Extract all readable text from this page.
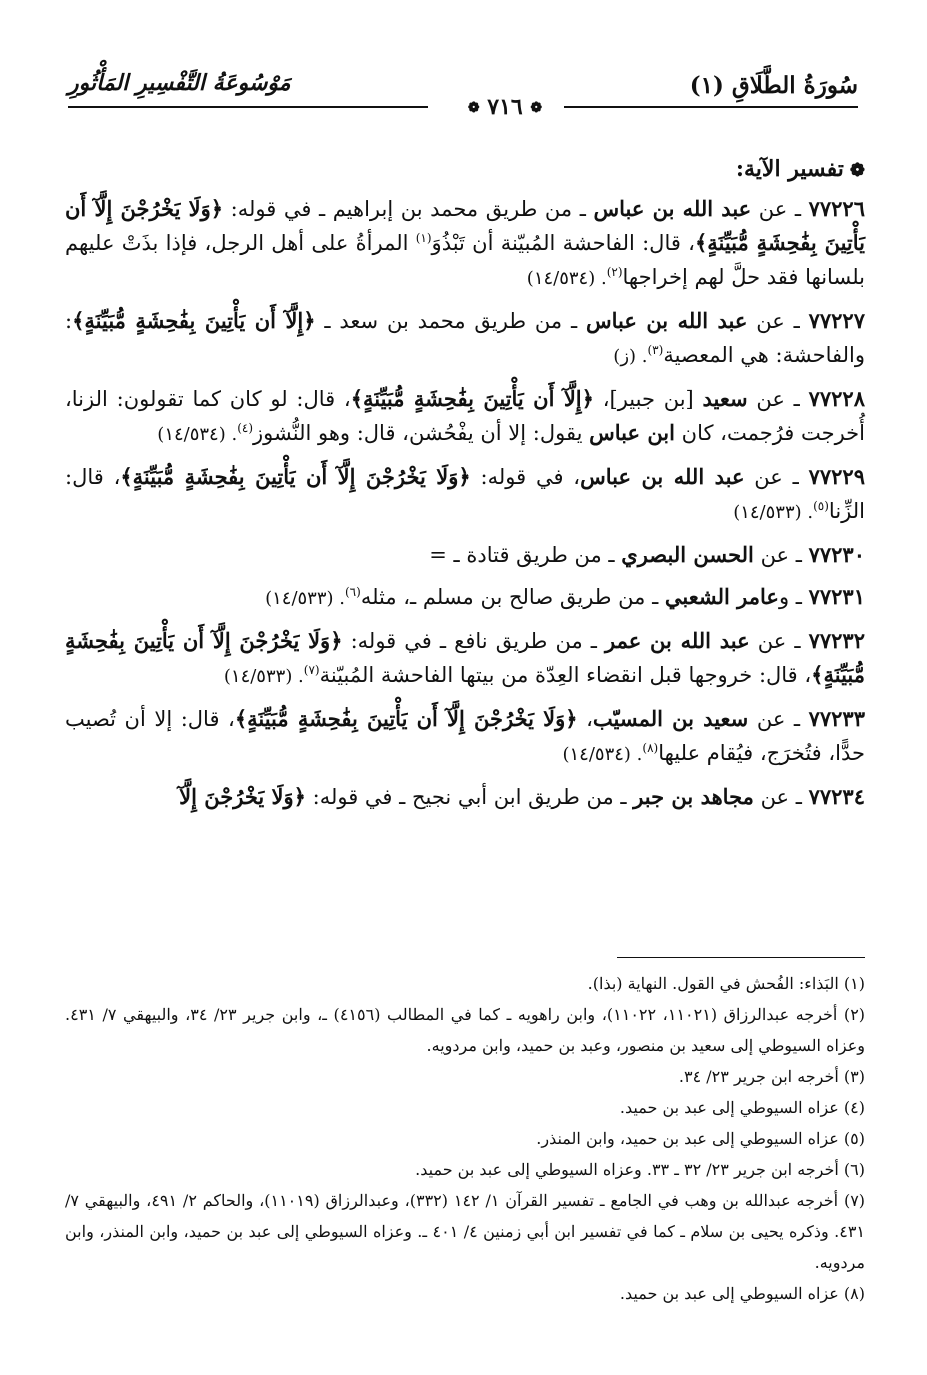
سُورَةُ الطَّلَاقِ (١)
مَوْسُوعَةُ التَّفْسِيرِ المَأْثُورِ
❁ ٧١٦ ❁
❁تفسير الآية:

٧٧٢٢٦ ـ عن عبد الله بن عباس ـ من طريق محمد بن إبراهيم ـ في قوله: ﴿وَلَا يَخْرُجْنَ إِلَّآ أَن يَأْتِينَ بِفَٰحِشَةٍ مُّبَيِّنَةٍ﴾، قال: الفاحشة المُبيّنة أن تَبْذُوَ$^{(١)}$ المرأةُ على أهل الرجل، فإذا بذَتْ عليهم بلسانها فقد حلَّ لهم إخراجها$^{(٢)}$. (١٤/٥٣٤)

٧٧٢٢٧ ـ عن عبد الله بن عباس ـ من طريق محمد بن سعد ـ ﴿إِلَّآ أَن يَأْتِينَ بِفَٰحِشَةٍ مُّبَيِّنَةٍ﴾: والفاحشة: هي المعصية$^{(٣)}$. (ز)

٧٧٢٢٨ ـ عن سعيد [بن جبير]، ﴿إِلَّآ أَن يَأْتِينَ بِفَٰحِشَةٍ مُّبَيِّنَةٍ﴾، قال: لو كان كما تقولون: الزنا، أُخرجت فرُجمت، كان ابن عباس يقول: إلا أن يفْحُشن، قال: وهو النُّشوز$^{(٤)}$. (١٤/٥٣٤)

٧٧٢٢٩ ـ عن عبد الله بن عباس، في قوله: ﴿وَلَا يَخْرُجْنَ إِلَّآ أَن يَأْتِينَ بِفَٰحِشَةٍ مُّبَيِّنَةٍ﴾، قال: الزِّنا$^{(٥)}$. (١٤/٥٣٣)

٧٧٢٣٠ ـ عن الحسن البصري ـ من طريق قتادة ـ =

٧٧٢٣١ ـ وعامر الشعبي ـ من طريق صالح بن مسلم ـ، مثله$^{(٦)}$. (١٤/٥٣٣)

٧٧٢٣٢ ـ عن عبد الله بن عمر ـ من طريق نافع ـ في قوله: ﴿وَلَا يَخْرُجْنَ إِلَّآ أَن يَأْتِينَ بِفَٰحِشَةٍ مُّبَيِّنَةٍ﴾، قال: خروجها قبل انقضاء العِدّة من بيتها الفاحشة المُبيّنة$^{(٧)}$. (١٤/٥٣٣)

٧٧٢٣٣ ـ عن سعيد بن المسيّب، ﴿وَلَا يَخْرُجْنَ إِلَّآ أَن يَأْتِينَ بِفَٰحِشَةٍ مُّبَيِّنَةٍ﴾، قال: إلا أن تُصيب حدًّا، فتُخرَج، فيُقام عليها$^{(٨)}$. (١٤/٥٣٤)

٧٧٢٣٤ ـ عن مجاهد بن جبر ـ من طريق ابن أبي نجيح ـ في قوله: ﴿وَلَا يَخْرُجْنَ إِلَّآ

(١) البَذاء: الفُحش في القول. النهاية (بذا).

(٢) أخرجه عبدالرزاق (١١٠٢١، ١١٠٢٢)، وابن راهويه ـ كما في المطالب (٤١٥٦) ـ، وابن جرير ٢٣/ ٣٤، والبيهقي ٧/ ٤٣١. وعزاه السيوطي إلى سعيد بن منصور، وعبد بن حميد، وابن مردويه.

(٣) أخرجه ابن جرير ٢٣/ ٣٤.

(٤) عزاه السيوطي إلى عبد بن حميد.

(٥) عزاه السيوطي إلى عبد بن حميد، وابن المنذر.

(٦) أخرجه ابن جرير ٢٣/ ٣٢ ـ ٣٣. وعزاه السيوطي إلى عبد بن حميد.

(٧) أخرجه عبدالله بن وهب في الجامع ـ تفسير القرآن ١/ ١٤٢ (٣٣٢)، وعبدالرزاق (١١٠١٩)، والحاكم ٢/ ٤٩١، والبيهقي ٧/ ٤٣١. وذكره يحيى بن سلام ـ كما في تفسير ابن أبي زمنين ٤/ ٤٠١ ـ. وعزاه السيوطي إلى عبد بن حميد، وابن المنذر، وابن مردويه.

(٨) عزاه السيوطي إلى عبد بن حميد.
